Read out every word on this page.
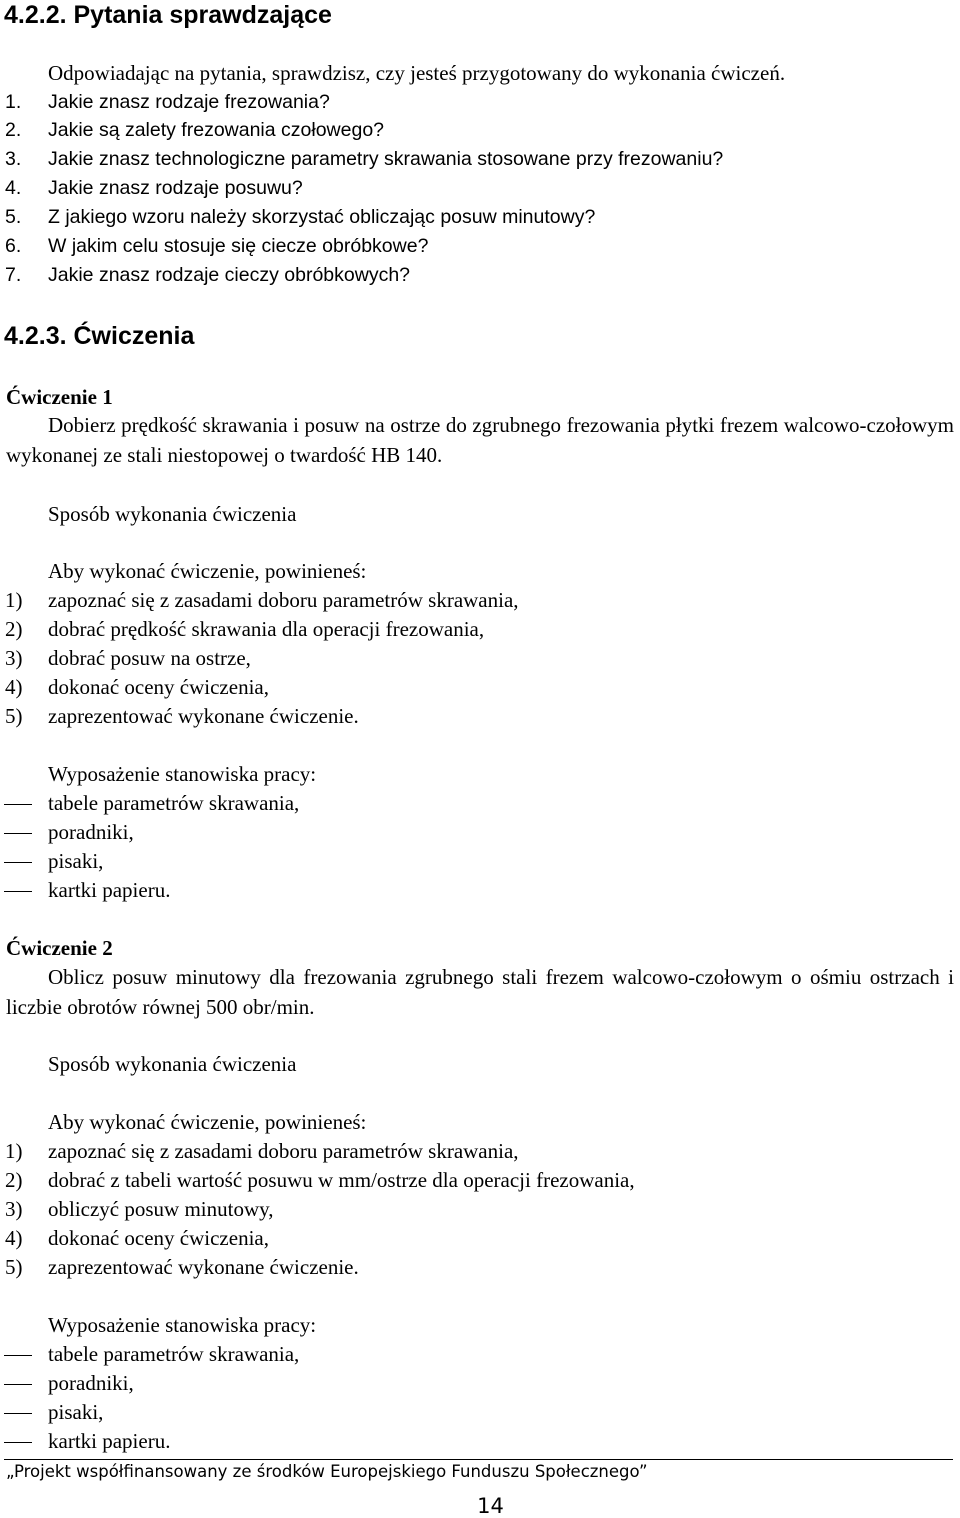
4.2.2. Pytania sprawdzające
Odpowiadając na pytania, sprawdzisz, czy jesteś przygotowany do wykonania ćwiczeń.
1. Jakie znasz rodzaje frezowania?
2. Jakie są zalety frezowania czołowego?
3. Jakie znasz technologiczne parametry skrawania stosowane przy frezowaniu?
4. Jakie znasz rodzaje posuwu?
5. Z jakiego wzoru należy skorzystać obliczając posuw minutowy?
6. W jakim celu stosuje się ciecze obróbkowe?
7. Jakie znasz rodzaje cieczy obróbkowych?
4.2.3. Ćwiczenia
Ćwiczenie 1
Dobierz prędkość skrawania i posuw na ostrze do zgrubnego frezowania płytki frezem walcowo-czołowym wykonanej ze stali niestopowej o twardość HB 140.
Sposób wykonania ćwiczenia
Aby wykonać ćwiczenie, powinieneś:
1) zapoznać się z zasadami doboru parametrów skrawania,
2) dobrać prędkość skrawania dla operacji frezowania,
3) dobrać posuw na ostrze,
4) dokonać oceny ćwiczenia,
5) zaprezentować wykonane ćwiczenie.
Wyposażenie stanowiska pracy:
tabele parametrów skrawania,
poradniki,
pisaki,
kartki papieru.
Ćwiczenie 2
Oblicz posuw minutowy dla frezowania zgrubnego stali frezem walcowo-czołowym o ośmiu ostrzach i liczbie obrotów równej 500 obr/min.
Sposób wykonania ćwiczenia
Aby wykonać ćwiczenie, powinieneś:
1) zapoznać się z zasadami doboru parametrów skrawania,
2) dobrać z tabeli wartość posuwu w mm/ostrze dla operacji frezowania,
3) obliczyć posuw minutowy,
4) dokonać oceny ćwiczenia,
5) zaprezentować wykonane ćwiczenie.
Wyposażenie stanowiska pracy:
tabele parametrów skrawania,
poradniki,
pisaki,
kartki papieru.
„Projekt współfinansowany ze środków Europejskiego Funduszu Społecznego”
14
